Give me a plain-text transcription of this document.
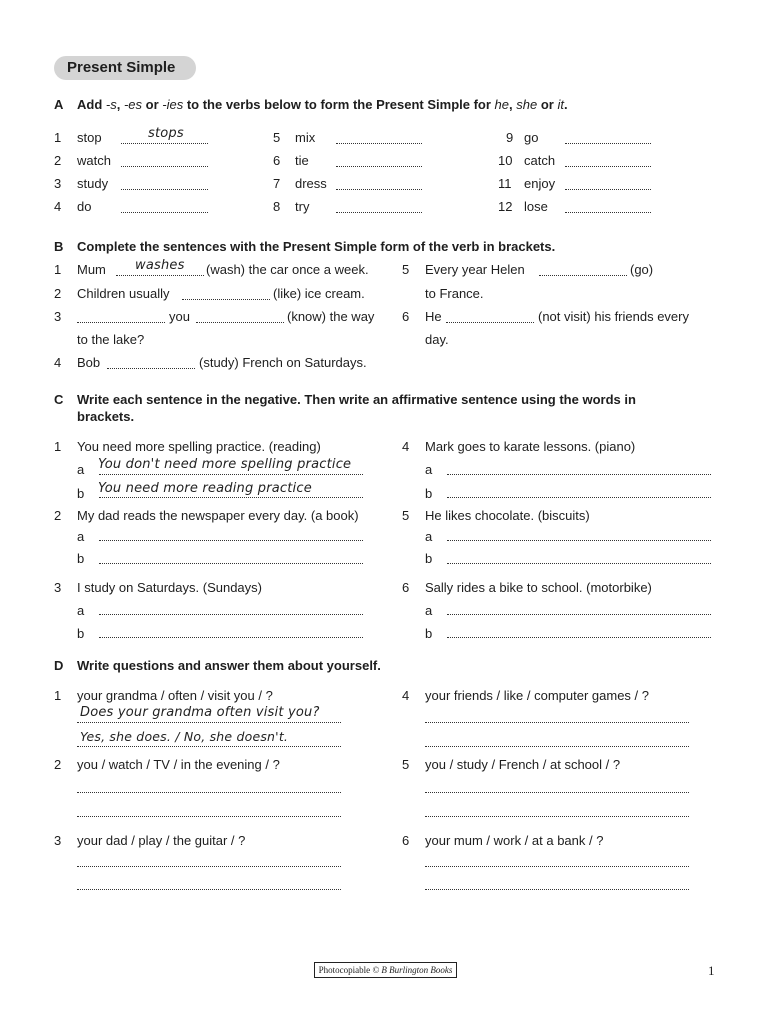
Present Simple
A Add -s, -es or -ies to the verbs below to form the Present Simple for he, she or it.
1 stop	stops
2 watch
3 study
4 do
5 mix
6 tie
7 dress
8 try
9 go
10 catch
11 enjoy
12 lose
B Complete the sentences with the Present Simple form of the verb in brackets.
1 Mum washes (wash) the car once a week.
2 Children usually	(like) ice cream.
3	you	(know) the way
to the lake?
4 Bob	(study) French on Saturdays.
5 Every year Helen	(go)
to France.
6 He	(not visit) his friends every
day.
C Write each sentence in the negative. Then write an affirmative sentence using the words in
brackets.
1 You need more spelling practice. (reading)
a You don't need more spelling practice
b You need more reading practice
2 My dad reads the newspaper every day. (a book)
a
b
3 I study on Saturdays. (Sundays)
a
b
4 Mark goes to karate lessons. (piano)
a
b
5 He likes chocolate. (biscuits)
a
b
6 Sally rides a bike to school. (motorbike)
a
b
D Write questions and answer them about yourself.
1 your grandma / often / visit you / ?
Does your grandma often visit you?
Yes, she does. / No, she doesn't.
2 you / watch / TV / in the evening / ?
3 your dad / play / the guitar / ?
4 your friends / like / computer games / ?
5 you / study / French / at school / ?
6 your mum / work / at a bank / ?
Photocopiable © B Burlington Books	1
